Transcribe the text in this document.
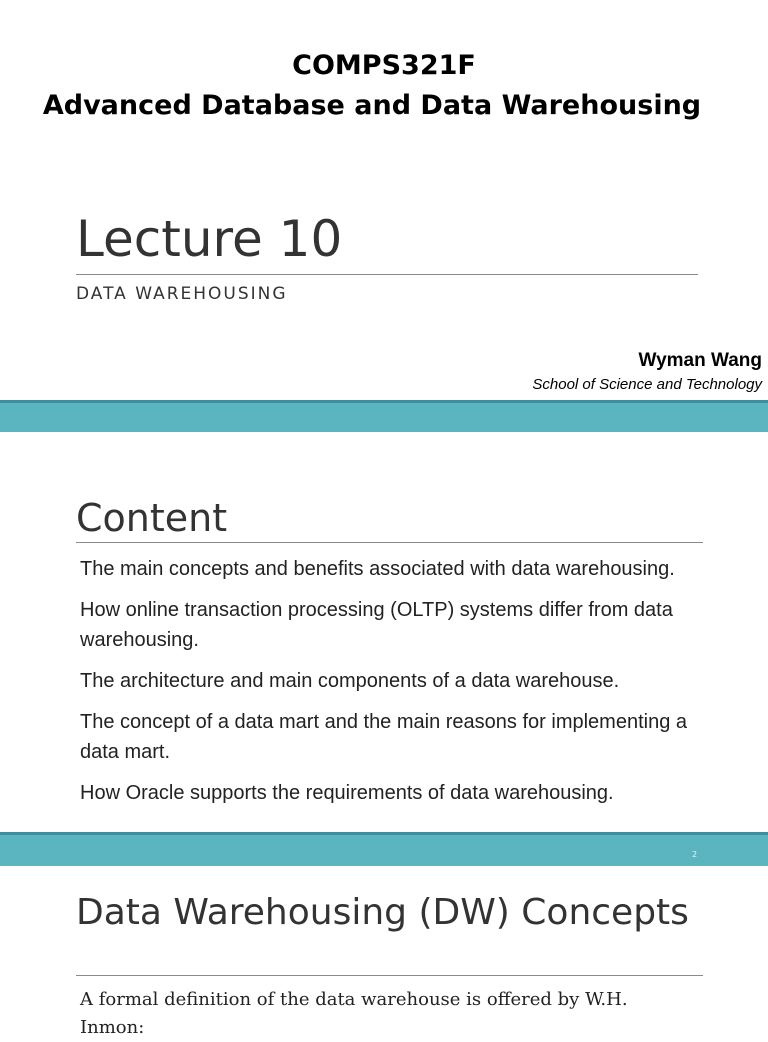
COMPS321F
Advanced Database and Data Warehousing
Lecture 10
DATA WAREHOUSING
Wyman Wang
School of Science and Technology
Content
The main concepts and benefits associated with data warehousing.
How online transaction processing (OLTP) systems differ from data warehousing.
The architecture and main components of a data warehouse.
The concept of a data mart and the main reasons for implementing a data mart.
How Oracle supports the requirements of data warehousing.
2
Data Warehousing (DW) Concepts
A formal definition of the data warehouse is offered by W.H. Inmon:
